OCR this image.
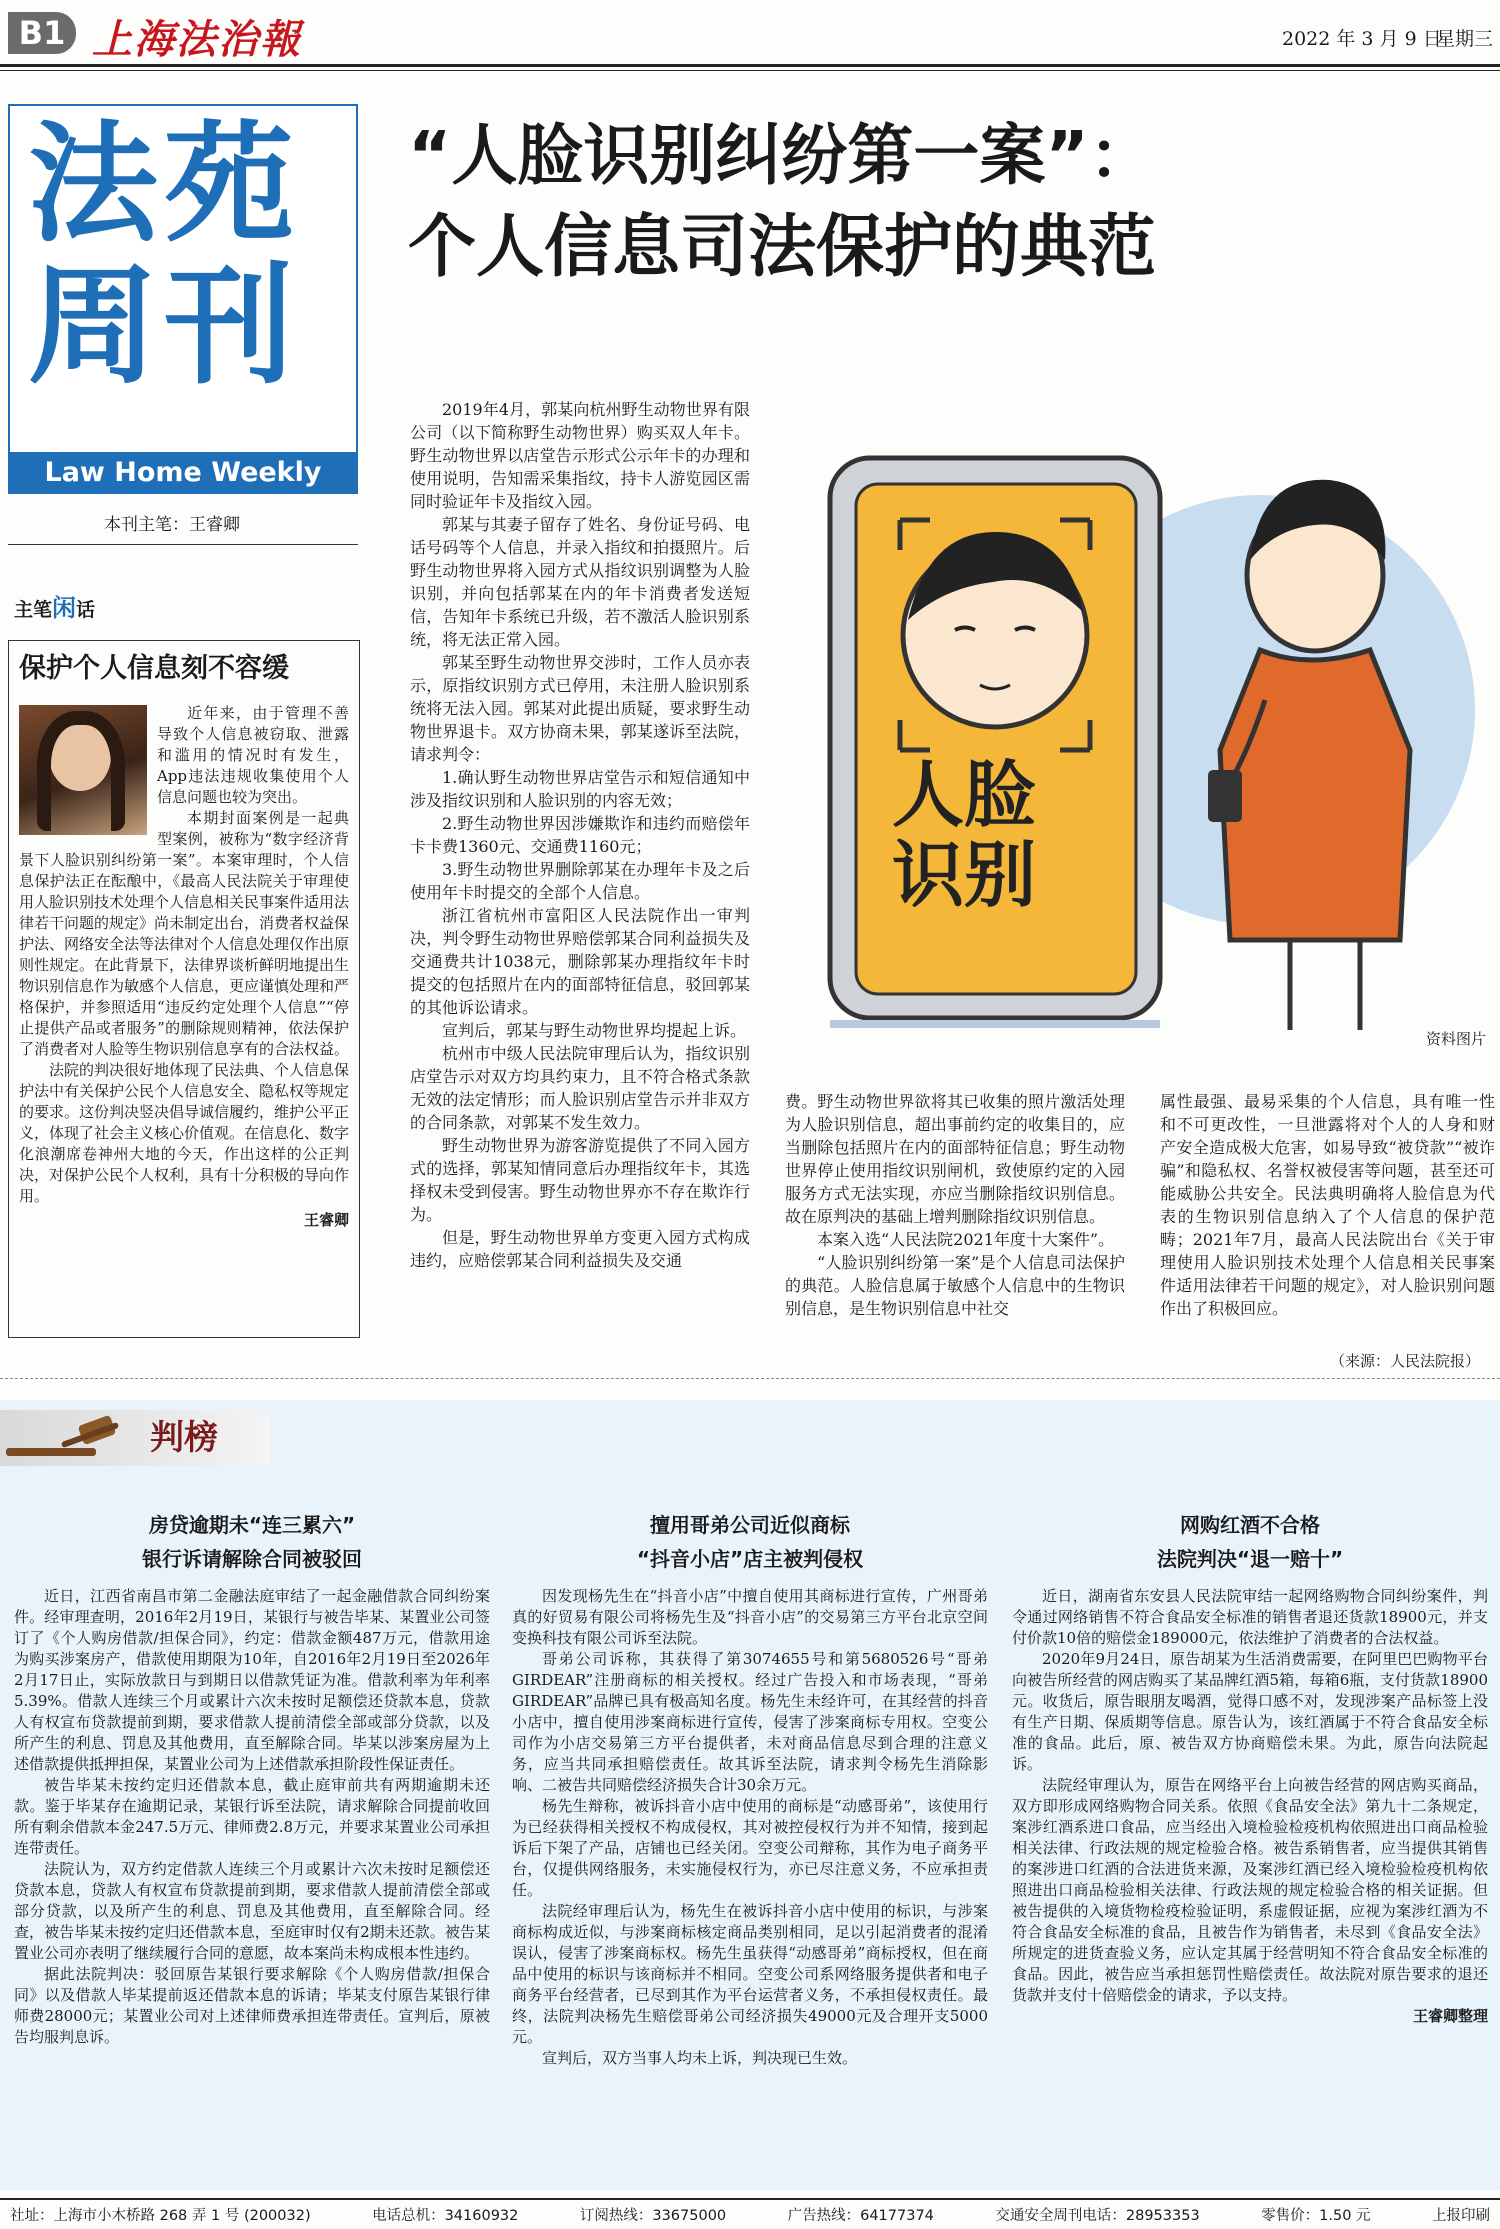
B1 上海法治報	2022 年 3 月 9 日
星期三
法苑
周刊
Law Home Weekly
本刊主笔：王睿卿
“人脸识别纠纷第一案”：
个人信息司法保护的典范
人脸
识别
资料图片

2019年4月，郭某向杭州野生动物世界有限公司（以下简称野生动物世界）购买双人年卡。野生动物世界以店堂告示形式公示年卡的办理和使用说明，告知需采集指纹，持卡人游览园区需同时验证年卡及指纹入园。

郭某与其妻子留存了姓名、身份证号码、电话号码等个人信息，并录入指纹和拍摄照片。后野生动物世界将入园方式从指纹识别调整为人脸识别，并向包括郭某在内的年卡消费者发送短信，告知年卡系统已升级，若不激活人脸识别系统，将无法正常入园。

郭某至野生动物世界交涉时，工作人员亦表示，原指纹识别方式已停用，未注册人脸识别系统将无法入园。郭某对此提出质疑，要求野生动物世界退卡。双方协商未果，郭某遂诉至法院，请求判令：

1.确认野生动物世界店堂告示和短信通知中涉及指纹识别和人脸识别的内容无效；

2.野生动物世界因涉嫌欺诈和违约而赔偿年卡卡费1360元、交通费1160元；

3.野生动物世界删除郭某在办理年卡及之后使用年卡时提交的全部个人信息。

浙江省杭州市富阳区人民法院作出一审判决，判令野生动物世界赔偿郭某合同利益损失及交通费共计1038元，删除郭某办理指纹年卡时提交的包括照片在内的面部特征信息，驳回郭某的其他诉讼请求。

宣判后，郭某与野生动物世界均提起上诉。

杭州市中级人民法院审理后认为，指纹识别店堂告示对双方均具约束力，且不符合格式条款无效的法定情形；而人脸识别店堂告示并非双方的合同条款，对郭某不发生效力。

野生动物世界为游客游览提供了不同入园方式的选择，郭某知情同意后办理指纹年卡，其选择权未受到侵害。野生动物世界亦不存在欺诈行为。

但是，野生动物世界单方变更入园方式构成违约，应赔偿郭某合同利益损失及交通

费。野生动物世界欲将其已收集的照片激活处理为人脸识别信息，超出事前约定的收集目的，应当删除包括照片在内的面部特征信息；野生动物世界停止使用指纹识别闸机，致使原约定的入园服务方式无法实现，亦应当删除指纹识别信息。故在原判决的基础上增判删除指纹识别信息。

本案入选“人民法院2021年度十大案件”。

“人脸识别纠纷第一案”是个人信息司法保护的典范。人脸信息属于敏感个人信息中的生物识别信息，是生物识别信息中社交

属性最强、最易采集的个人信息，具有唯一性和不可更改性，一旦泄露将对个人的人身和财产安全造成极大危害，如易导致“被贷款”“被诈骗”和隐私权、名誉权被侵害等问题，甚至还可能威胁公共安全。民法典明确将人脸信息为代表的生物识别信息纳入了个人信息的保护范畴；2021年7月，最高人民法院出台《关于审理使用人脸识别技术处理个人信息相关民事案件适用法律若干问题的规定》，对人脸识别问题作出了积极回应。

（来源：人民法院报）
主笔闲话
保护个人信息刻不容缓

近年来，由于管理不善导致个人信息被窃取、泄露和滥用的情况时有发生，App违法违规收集使用个人信息问题也较为突出。

本期封面案例是一起典型案例，被称为“数字经济背景下人脸识别纠纷第一案”。本案审理时，个人信息保护法正在酝酿中，《最高人民法院关于审理使用人脸识别技术处理个人信息相关民事案件适用法律若干问题的规定》尚未制定出台，消费者权益保护法、网络安全法等法律对个人信息处理仅作出原则性规定。在此背景下，法律界谈析鲜明地提出生物识别信息作为敏感个人信息，更应谨慎处理和严格保护，并参照适用“违反约定处理个人信息”“停止提供产品或者服务”的删除规则精神，依法保护了消费者对人脸等生物识别信息享有的合法权益。

法院的判决很好地体现了民法典、个人信息保护法中有关保护公民个人信息安全、隐私权等规定的要求。这份判决竖决倡导诚信履约，维护公平正义，体现了社会主义核心价值观。在信息化、数字化浪潮席卷神州大地的今天，作出这样的公正判决，对保护公民个人权利，具有十分积极的导向作用。

王睿卿
判榜
房贷逾期未“连三累六”
银行诉请解除合同被驳回

近日，江西省南昌市第二金融法庭审结了一起金融借款合同纠纷案件。经审理查明，2016年2月19日，某银行与被告毕某、某置业公司签订了《个人购房借款/担保合同》，约定：借款金额487万元，借款用途为购买涉案房产，借款使用期限为10年，自2016年2月19日至2026年2月17日止，实际放款日与到期日以借款凭证为准。借款利率为年利率5.39%。借款人连续三个月或累计六次未按时足额偿还贷款本息，贷款人有权宣布贷款提前到期，要求借款人提前清偿全部或部分贷款，以及所产生的利息、罚息及其他费用，直至解除合同。毕某以涉案房屋为上述借款提供抵押担保，某置业公司为上述借款承担阶段性保证责任。

被告毕某未按约定归还借款本息，截止庭审前共有两期逾期未还款。鉴于毕某存在逾期记录，某银行诉至法院，请求解除合同提前收回所有剩余借款本金247.5万元、律师费2.8万元，并要求某置业公司承担连带责任。

法院认为，双方约定借款人连续三个月或累计六次未按时足额偿还贷款本息，贷款人有权宣布贷款提前到期，要求借款人提前清偿全部或部分贷款，以及所产生的利息、罚息及其他费用，直至解除合同。经查，被告毕某未按约定归还借款本息，至庭审时仅有2期未还款。被告某置业公司亦表明了继续履行合同的意愿，故本案尚未构成根本性违约。

据此法院判决：驳回原告某银行要求解除《个人购房借款/担保合同》以及借款人毕某提前返还借款本息的诉请；毕某支付原告某银行律师费28000元；某置业公司对上述律师费承担连带责任。宣判后，原被告均服判息诉。

擅用哥弟公司近似商标
“抖音小店”店主被判侵权

因发现杨先生在“抖音小店”中擅自使用其商标进行宣传，广州哥弟真的好贸易有限公司将杨先生及“抖音小店”的交易第三方平台北京空间变换科技有限公司诉至法院。

哥弟公司诉称，其获得了第3074655号和第5680526号“哥弟GIRDEAR”注册商标的相关授权。经过广告投入和市场表现，“哥弟GIRDEAR”品牌已具有极高知名度。杨先生未经许可，在其经营的抖音小店中，擅自使用涉案商标进行宣传，侵害了涉案商标专用权。空变公司作为小店交易第三方平台提供者，未对商品信息尽到合理的注意义务，应当共同承担赔偿责任。故其诉至法院，请求判令杨先生消除影响、二被告共同赔偿经济损失合计30余万元。

杨先生辩称，被诉抖音小店中使用的商标是“动感哥弟”，该使用行为已经获得相关授权不构成侵权，其对被控侵权行为并不知情，接到起诉后下架了产品，店铺也已经关闭。空变公司辩称，其作为电子商务平台，仅提供网络服务，未实施侵权行为，亦已尽注意义务，不应承担责任。

法院经审理后认为，杨先生在被诉抖音小店中使用的标识，与涉案商标构成近似，与涉案商标核定商品类别相同，足以引起消费者的混淆误认，侵害了涉案商标权。杨先生虽获得“动感哥弟”商标授权，但在商品中使用的标识与该商标并不相同。空变公司系网络服务提供者和电子商务平台经营者，已尽到其作为平台运营者义务，不承担侵权责任。最终，法院判决杨先生赔偿哥弟公司经济损失49000元及合理开支5000元。

宣判后，双方当事人均未上诉，判决现已生效。

网购红酒不合格
法院判决“退一赔十”

近日，湖南省东安县人民法院审结一起网络购物合同纠纷案件，判令通过网络销售不符合食品安全标准的销售者退还货款18900元，并支付价款10倍的赔偿金189000元，依法维护了消费者的合法权益。

2020年9月24日，原告胡某为生活消费需要，在阿里巴巴购物平台向被告所经营的网店购买了某品牌红酒5箱，每箱6瓶，支付货款18900元。收货后，原告眼朋友喝酒，觉得口感不对，发现涉案产品标签上没有生产日期、保质期等信息。原告认为，该红酒属于不符合食品安全标准的食品。此后，原、被告双方协商赔偿未果。为此，原告向法院起诉。

法院经审理认为，原告在网络平台上向被告经营的网店购买商品，双方即形成网络购物合同关系。依照《食品安全法》第九十二条规定，案涉红酒系进口食品，应当经出入境检验检疫机构依照进出口商品检验相关法律、行政法规的规定检验合格。被告系销售者，应当提供其销售的案涉进口红酒的合法进货来源，及案涉红酒已经入境检验检疫机构依照进出口商品检验相关法律、行政法规的规定检验合格的相关证据。但被告提供的入境货物检疫检验证明，系虚假证据，应视为案涉红酒为不符合食品安全标准的食品，且被告作为销售者，未尽到《食品安全法》所规定的进货查验义务，应认定其属于经营明知不符合食品安全标准的食品。因此，被告应当承担惩罚性赔偿责任。故法院对原告要求的退还货款并支付十倍赔偿金的请求，予以支持。

王睿卿整理
社址：上海市小木桥路 268 弄 1 号 (200032)	电话总机：34160932	订阅热线：33675000	广告热线：64177374	交通安全周刊电话：28953353	零售价：1.50 元	上报印刷
